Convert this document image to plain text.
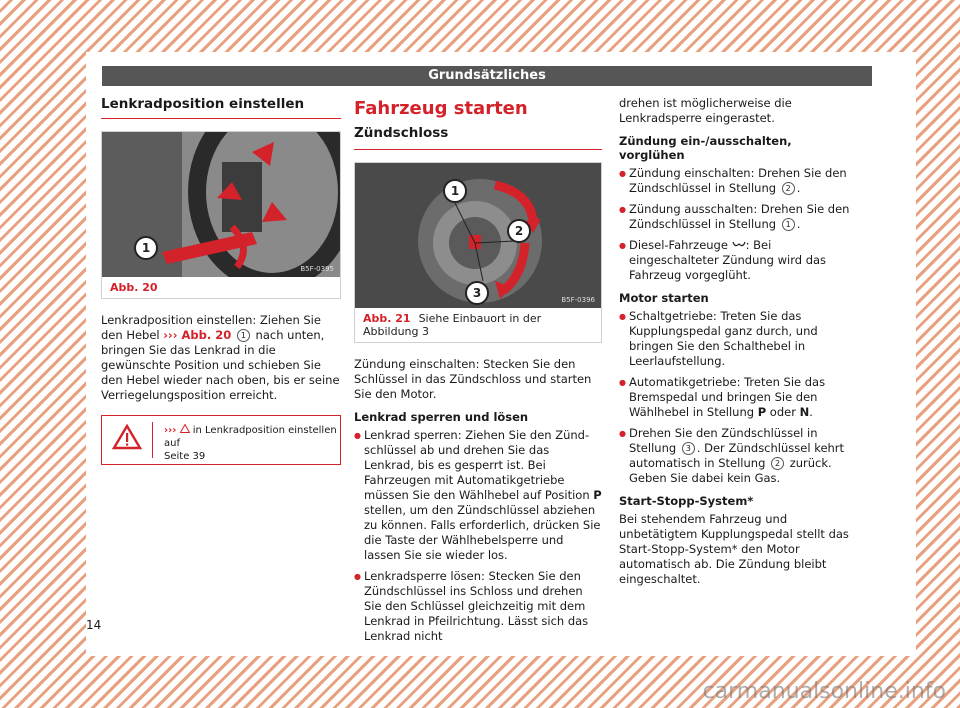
Grundsätzliches
Lenkradposition einstellen
1
B5F-0395
Abb. 20

Lenkradposition einstellen: Ziehen Sie den Hebel ››› Abb. 20 1 nach unten, bringen Sie das Lenkrad in die gewünschte Position und schieben Sie den Hebel wieder nach oben, bis er seine Verriegelungsposition erreicht.

›››  in Lenkradposition einstellen auf
Seite 39
Fahrzeug starten
Zündschloss
1
2
3	B5F-0396
Abb. 21 Siehe Einbauort in der Abbildung 3

Zündung einschalten: Stecken Sie den Schlüssel in das Zündschloss und starten Sie den Motor.

Lenkrad sperren und lösen
● Lenkrad sperren: Ziehen Sie den Zündschlüssel ab und drehen Sie das Lenkrad, bis es gesperrt ist. Bei Fahrzeugen mit Automatikgetriebe müssen Sie den Wählhebel auf Position P stellen, um den Zündschlüssel abziehen zu können. Falls erforderlich, drücken Sie die Taste der Wählhebelsperre und lassen Sie sie wieder los.
● Lenkradsperre lösen: Stecken Sie den Zündschlüssel ins Schloss und drehen Sie den Schlüssel gleichzeitig mit dem Lenkrad in Pfeilrichtung. Lässt sich das Lenkrad nicht

drehen ist möglicherweise die Lenkradsperre eingerastet.

Zündung ein-/ausschalten, vorglühen
● Zündung einschalten: Drehen Sie den Zündschlüssel in Stellung 2 .
● Zündung ausschalten: Drehen Sie den Zündschlüssel in Stellung 1 .
● Diesel-Fahrzeuge : Bei eingeschalteter Zündung wird das Fahrzeug vorgeglüht.
Motor starten
● Schaltgetriebe: Treten Sie das Kupplungspedal ganz durch, und bringen Sie den Schalthebel in Leerlaufstellung.
● Automatikgetriebe: Treten Sie das Bremspedal und bringen Sie den Wählhebel in Stellung P oder N.
● Drehen Sie den Zündschlüssel in Stellung 3 . Der Zündschlüssel kehrt automatisch in Stellung 2 zurück. Geben Sie dabei kein Gas.
Start-Stopp-System*

Bei stehendem Fahrzeug und unbetätigtem Kupplungspedal stellt das Start-Stopp-System* den Motor automatisch ab. Die Zündung bleibt eingeschaltet.

14
carmanualsonline.info
